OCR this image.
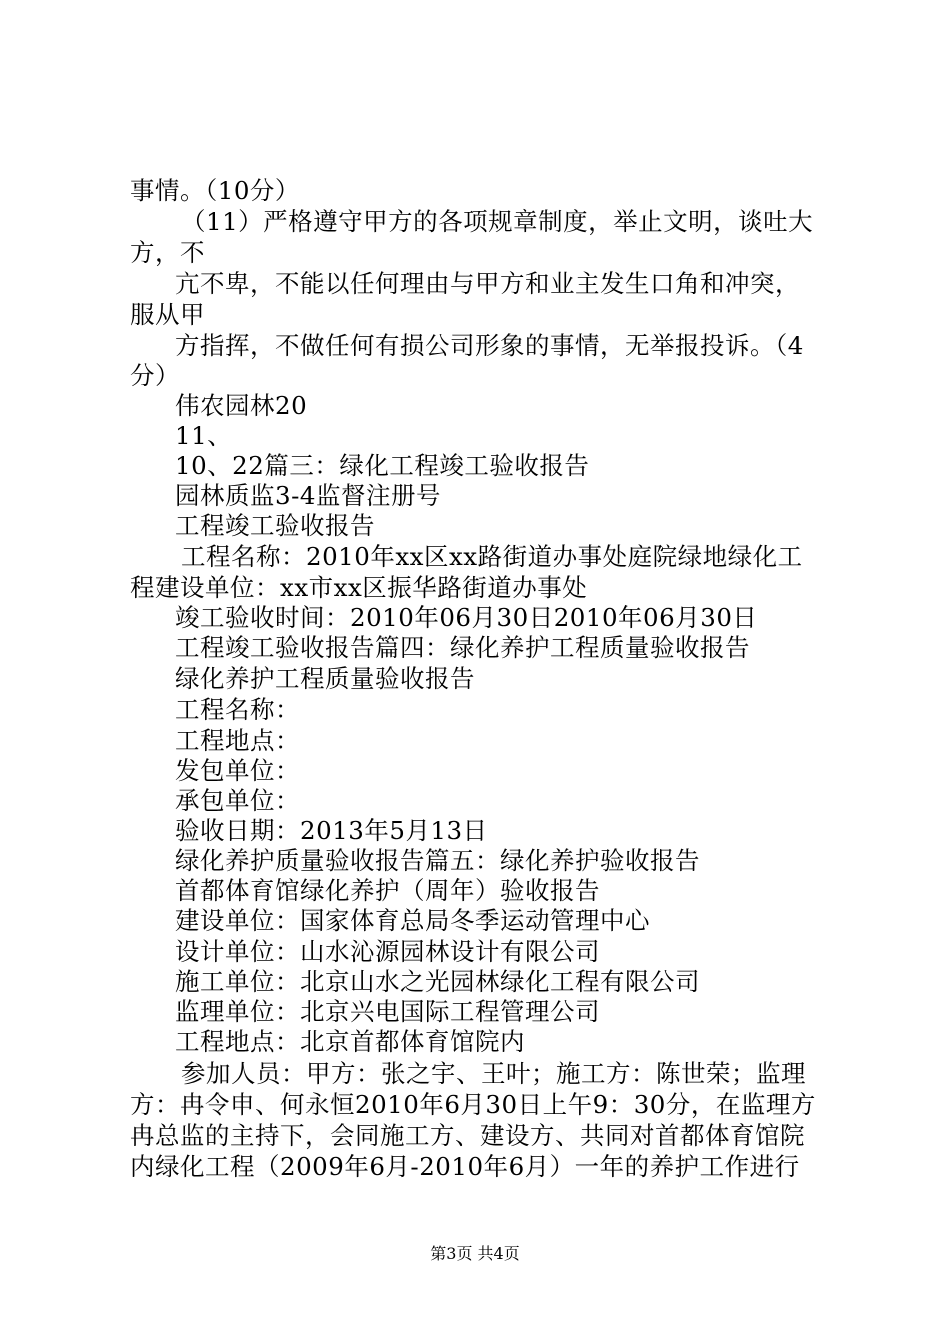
事情。（10分）
（11）严格遵守甲方的各项规章制度，举止文明，谈吐大
方，不
亢不卑，不能以任何理由与甲方和业主发生口角和冲突，
服从甲
方指挥，不做任何有损公司形象的事情，无举报投诉。（4
分）
伟农园林20
11、
10、22篇三：绿化工程竣工验收报告
园林质监3-4监督注册号
工程竣工验收报告
工程名称：2010年xx区xx路街道办事处庭院绿地绿化工
程建设单位：xx市xx区振华路街道办事处
竣工验收时间：2010年06月30日2010年06月30日
工程竣工验收报告篇四：绿化养护工程质量验收报告
绿化养护工程质量验收报告
工程名称：
工程地点：
发包单位：
承包单位：
验收日期：2013年5月13日
绿化养护质量验收报告篇五：绿化养护验收报告
首都体育馆绿化养护（周年）验收报告
建设单位：国家体育总局冬季运动管理中心
设计单位：山水沁源园林设计有限公司
施工单位：北京山水之光园林绿化工程有限公司
监理单位：北京兴电国际工程管理公司
工程地点：北京首都体育馆院内
参加人员：甲方：张之宇、王叶；施工方：陈世荣；监理
方：冉令申、何永恒2010年6月30日上午9：30分，在监理方
冉总监的主持下，会同施工方、建设方、共同对首都体育馆院
内绿化工程（2009年6月-2010年6月）一年的养护工作进行
第3页 共4页
